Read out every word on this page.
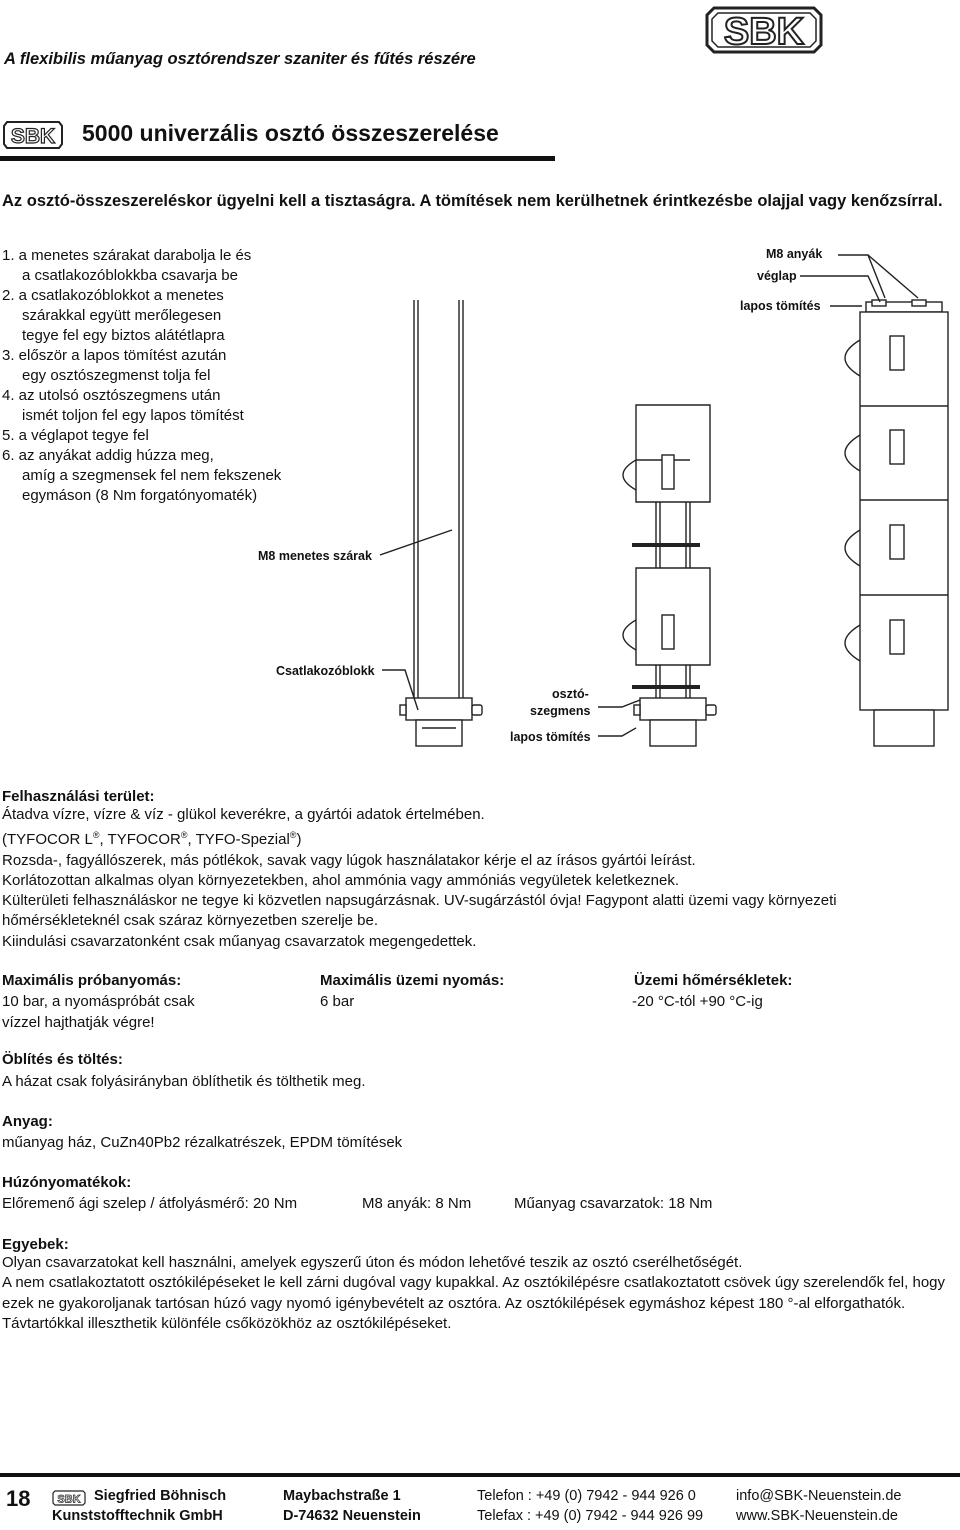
A flexibilis műanyag osztórendszer szaniter és fűtés részére
SBK
SBK 5000 univerzális osztó összeszerelése
Az osztó-összeszereléskor ügyelni kell a tisztaságra. A tömítések nem kerülhetnek érintkezésbe olajjal vagy kenőzsírral.
1. a menetes szárakat darabolja le és
a csatlakozóblokkba csavarja be
2. a csatlakozóblokkot a menetes
szárakkal együtt merőlegesen
tegye fel egy biztos alátétlapra
3. először a lapos tömítést azután
egy osztószegmenst tolja fel
4. az utolsó osztószegmens után
ismét toljon fel egy lapos tömítést
5. a véglapot tegye fel
6. az anyákat addig húzza meg,
amíg a szegmensek fel nem fekszenek
egymáson (8 Nm forgatónyomaték)
M8 anyák
véglap
lapos tömítés
M8 menetes szárak
Csatlakozóblokk
osztó-
szegmens
lapos tömítés
Felhasználási terület:
Átadva vízre, vízre & víz - glükol keverékre, a gyártói adatok értelmében.
(TYFOCOR L®, TYFOCOR®, TYFO-Spezial®)
Rozsda-, fagyállószerek, más pótlékok, savak vagy lúgok használatakor kérje el az írásos gyártói leírást.
Korlátozottan alkalmas olyan környezetekben, ahol ammónia vagy ammóniás vegyületek keletkeznek.
Külterületi felhasználáskor ne tegye ki közvetlen napsugárzásnak. UV-sugárzástól óvja! Fagypont alatti üzemi vagy környezeti hőmérsékleteknél csak száraz környezetben szerelje be.
Kiindulási csavarzatonként csak műanyag csavarzatok megengedettek.
Maximális próbanyomás:
10 bar, a nyomáspróbát csak
vízzel hajthatják végre!
Maximális üzemi nyomás:
6 bar
Üzemi hőmérsékletek:
-20 °C-tól +90 °C-ig
Öblítés és töltés:
A házat csak folyásirányban öblíthetik és tölthetik meg.
Anyag:
műanyag ház, CuZn40Pb2 rézalkatrészek, EPDM tömítések
Húzónyomatékok:
Előremenő ági szelep / átfolyásmérő: 20 Nm	M8 anyák: 8 Nm	Műanyag csavarzatok: 18 Nm
Egyebek:
Olyan csavarzatokat kell használni, amelyek egyszerű úton és módon lehetővé teszik az osztó cserélhetőségét.
A nem csatlakoztatott osztókilépéseket le kell zárni dugóval vagy kupakkal. Az osztókilépésre csatlakoztatott csövek úgy szerelendők fel, hogy ezek ne gyakoroljanak tartósan húzó vagy nyomó igénybevételt az osztóra. Az osztókilépések egymáshoz képest 180 °-al elforgathatók.
Távtartókkal illeszthetik különféle csőközökhöz az osztókilépéseket.
18 SBK Siegfried Böhnisch
Kunststofftechnik GmbH
Maybachstraße 1
D-74632 Neuenstein
Telefon : +49 (0) 7942 - 944 926 0
Telefax : +49 (0) 7942 - 944 926 99
info@SBK-Neuenstein.de
www.SBK-Neuenstein.de
